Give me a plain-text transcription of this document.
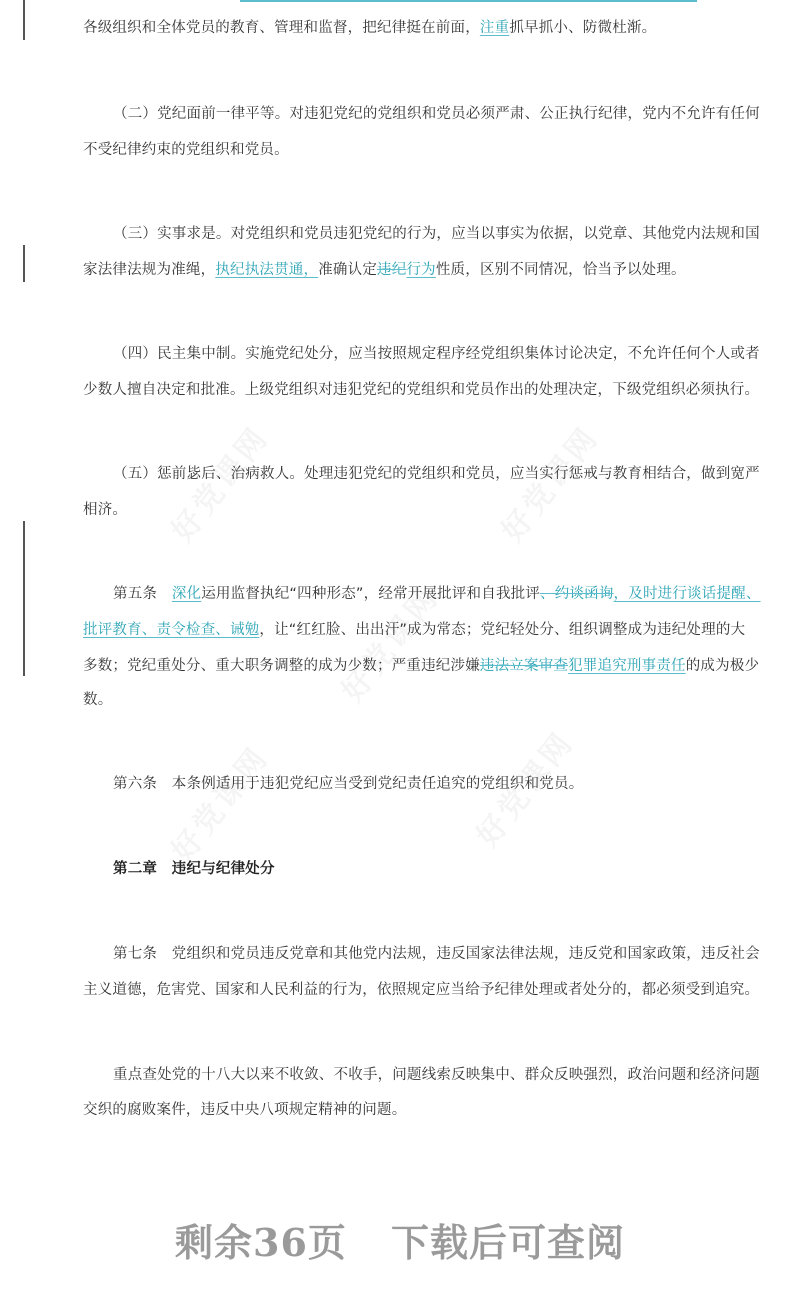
各级组织和全体党员的教育、管理和监督，把纪律挺在前面，注重抓早抓小、防微杜渐。
（二）党纪面前一律平等。对违犯党纪的党组织和党员必须严肃、公正执行纪律，党内不允许有任何
不受纪律约束的党组织和党员。
（三）实事求是。对党组织和党员违犯党纪的行为，应当以事实为依据，以党章、其他党内法规和国
家法律法规为准绳，执纪执法贯通，准确认定违纪行为性质，区别不同情况，恰当予以处理。
（四）民主集中制。实施党纪处分，应当按照规定程序经党组织集体讨论决定，不允许任何个人或者
少数人擅自决定和批准。上级党组织对违犯党纪的党组织和党员作出的处理决定，下级党组织必须执行。
（五）惩前毖后、治病救人。处理违犯党纪的党组织和党员，应当实行惩戒与教育相结合，做到宽严
相济。
第五条　深化运用监督执纪“四种形态”，经常开展批评和自我批评、约谈函询，及时进行谈话提醒、
批评教育、责令检查、诫勉，让“红红脸、出出汗”成为常态；党纪轻处分、组织调整成为违纪处理的大
多数；党纪重处分、重大职务调整的成为少数；严重违纪涉嫌违法立案审查犯罪追究刑事责任的成为极少
数。
第六条　本条例适用于违犯党纪应当受到党纪责任追究的党组织和党员。
第二章　违纪与纪律处分
第七条　党组织和党员违反党章和其他党内法规，违反国家法律法规，违反党和国家政策，违反社会
主义道德，危害党、国家和人民利益的行为，依照规定应当给予纪律处理或者处分的，都必须受到追究。
重点查处党的十八大以来不收敛、不收手，问题线索反映集中、群众反映强烈，政治问题和经济问题
交织的腐败案件，违反中央八项规定精神的问题。
剩余36页 下载后可查阅
